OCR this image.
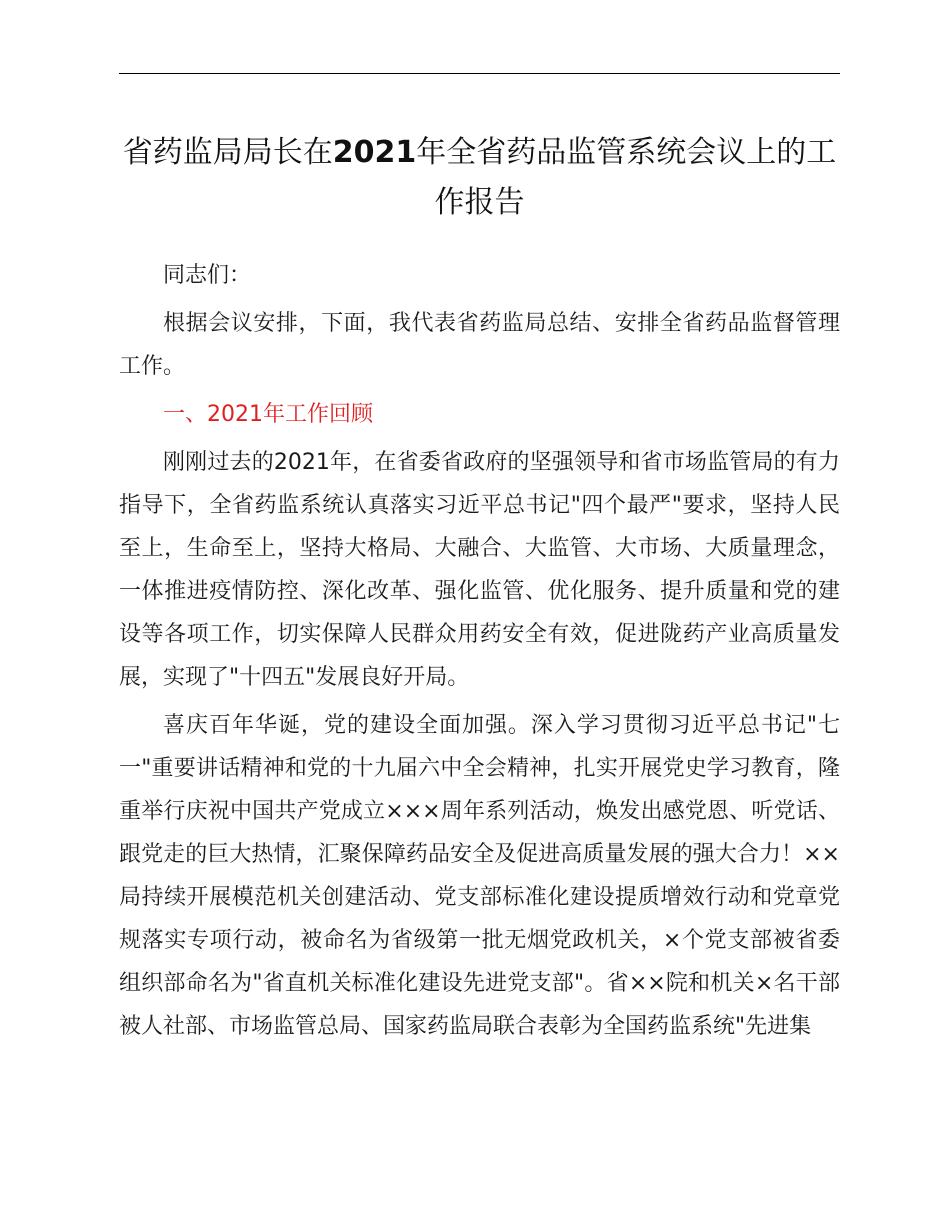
省药监局局长在2021年全省药品监管系统会议上的工作报告

同志们：

根据会议安排，下面，我代表省药监局总结、安排全省药品监督管理工作。

一、2021年工作回顾

刚刚过去的2021年，在省委省政府的坚强领导和省市场监管局的有力指导下，全省药监系统认真落实习近平总书记"四个最严"要求，坚持人民至上，生命至上，坚持大格局、大融合、大监管、大市场、大质量理念，一体推进疫情防控、深化改革、强化监管、优化服务、提升质量和党的建设等各项工作，切实保障人民群众用药安全有效，促进陇药产业高质量发展，实现了"十四五"发展良好开局。

喜庆百年华诞，党的建设全面加强。深入学习贯彻习近平总书记"七一"重要讲话精神和党的十九届六中全会精神，扎实开展党史学习教育，隆重举行庆祝中国共产党成立×××周年系列活动，焕发出感党恩、听党话、跟党走的巨大热情，汇聚保障药品安全及促进高质量发展的强大合力！××局持续开展模范机关创建活动、党支部标准化建设提质增效行动和党章党规落实专项行动，被命名为省级第一批无烟党政机关，×个党支部被省委组织部命名为"省直机关标准化建设先进党支部"。省××院和机关×名干部被人社部、市场监管总局、国家药监局联合表彰为全国药监系统"先进集
